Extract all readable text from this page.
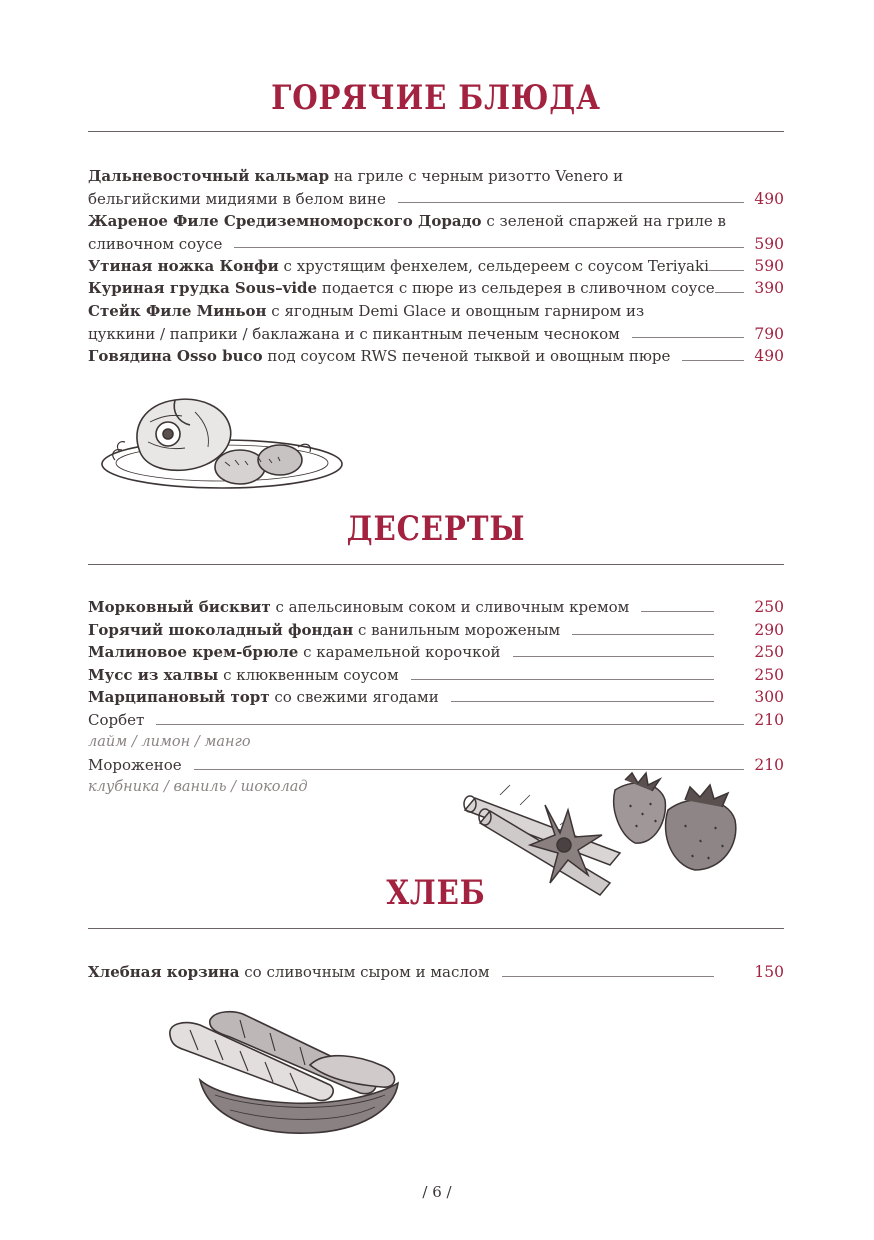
ГОРЯЧИЕ БЛЮДА
Дальневосточный кальмар на гриле с черным ризотто Venero и
бельгийскими мидиями в белом вине	490
Жареное Филе Средиземноморского Дорадо с зеленой спаржей на гриле в
сливочном соусе	590
Утиная ножка Конфи с хрустящим фенхелем, сельдереем с соусом Teriyaki	590
Куриная грудка Sous–vide подается с пюре из сельдерея в сливочном соусе	390
Стейк Филе Миньон с ягодным Demi Glace и овощным гарниром из
цуккини / паприки / баклажана и с пикантным печеным чесноком	790
Говядина Osso buco под соусом RWS печеной тыквой и овощным пюре	490
ДЕСЕРТЫ
Морковный бисквит с апельсиновым соком и сливочным кремом	250
Горячий шоколадный фондан с ванильным мороженым	290
Малиновое крем-брюле с карамельной корочкой	250
Мусс из халвы с клюквенным соусом	250
Марципановый торт со свежими ягодами	300
Сорбет	210
лайм / лимон / манго
Мороженое	210
клубника / ваниль / шоколад
ХЛЕБ
Хлебная корзина со сливочным сыром и маслом	150
/ 6 /
